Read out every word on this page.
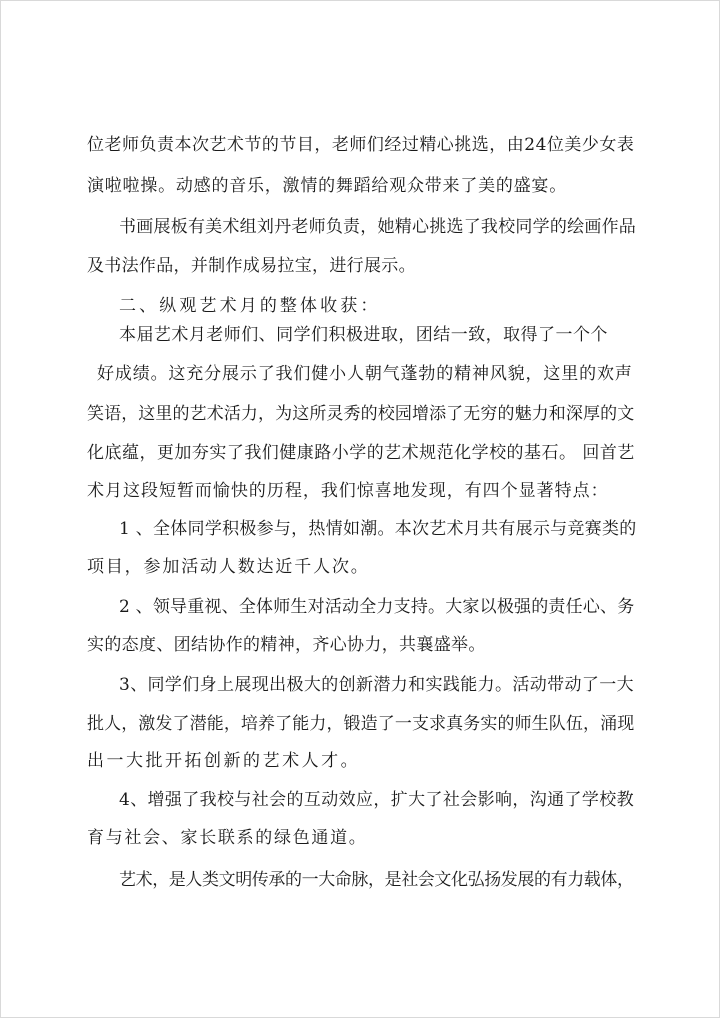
位老师负责本次艺术节的节目，老师们经过精心挑选，由24位美少女表
演啦啦操。动感的音乐，激情的舞蹈给观众带来了美的盛宴。
书画展板有美术组刘丹老师负责，她精心挑选了我校同学的绘画作品
及书法作品，并制作成易拉宝，进行展示。
二、纵观艺术月的整体收获：
本届艺术月老师们、同学们积极进取，团结一致，取得了一个个
好成绩。这充分展示了我们健小人朝气蓬勃的精神风貌，这里的欢声
笑语，这里的艺术活力，为这所灵秀的校园增添了无穷的魅力和深厚的文
化底蕴，更加夯实了我们健康路小学的艺术规范化学校的基石。 回首艺
术月这段短暂而愉快的历程，我们惊喜地发现，有四个显著特点：
1 、全体同学积极参与，热情如潮。本次艺术月共有展示与竞赛类的
项目，参加活动人数达近千人次。
2 、领导重视、全体师生对活动全力支持。大家以极强的责任心、务
实的态度、团结协作的精神，齐心协力，共襄盛举。
3、同学们身上展现出极大的创新潜力和实践能力。活动带动了一大
批人，激发了潜能，培养了能力，锻造了一支求真务实的师生队伍，涌现
出一大批开拓创新的艺术人才。
4、增强了我校与社会的互动效应，扩大了社会影响，沟通了学校教
育与社会、家长联系的绿色通道。
艺术，是人类文明传承的一大命脉，是社会文化弘扬发展的有力载体，
